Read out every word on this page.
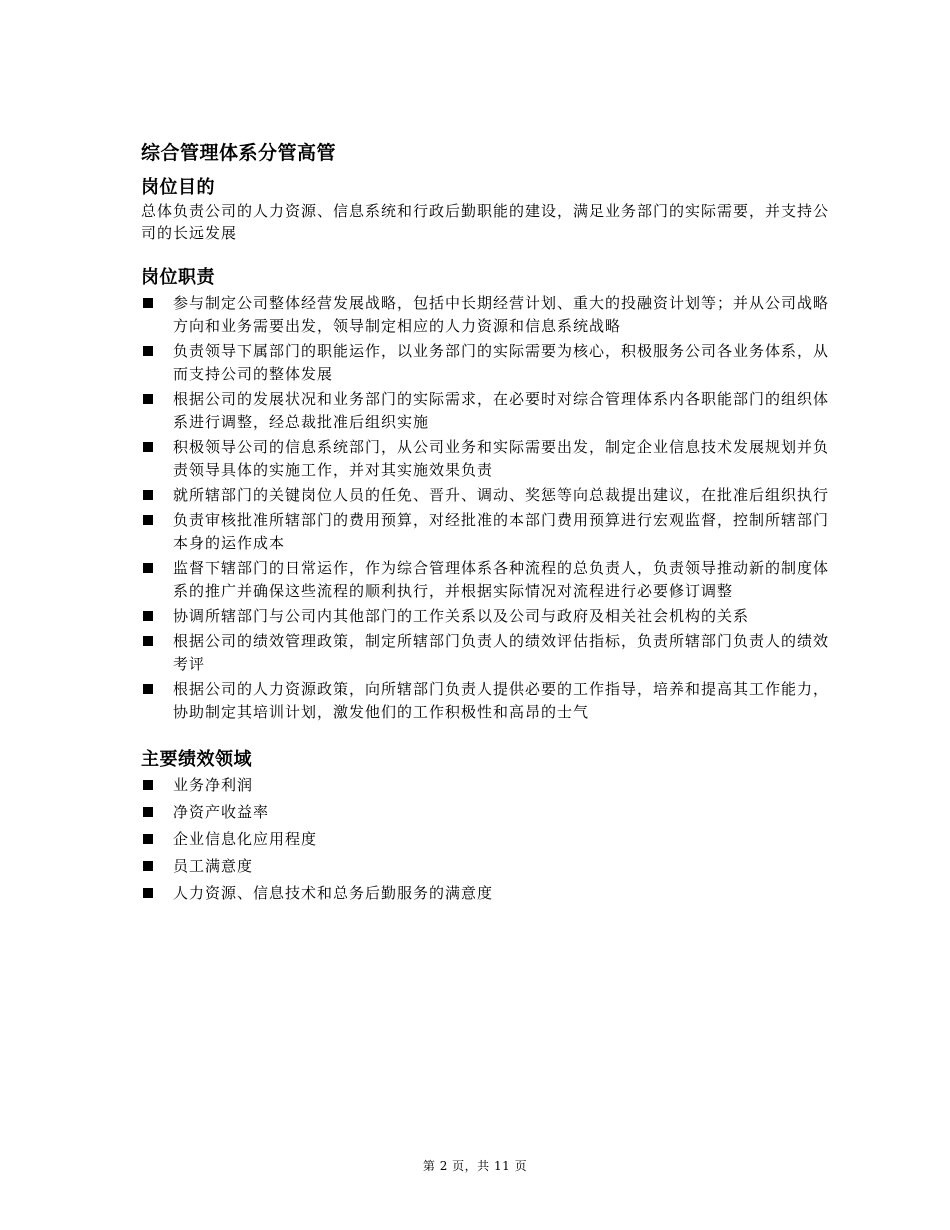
综合管理体系分管高管
岗位目的

总体负责公司的人力资源、信息系统和行政后勤职能的建设，满足业务部门的实际需要，并支持公司的长远发展

岗位职责
参与制定公司整体经营发展战略，包括中长期经营计划、重大的投融资计划等；并从公司战略方向和业务需要出发，领导制定相应的人力资源和信息系统战略
负责领导下属部门的职能运作，以业务部门的实际需要为核心，积极服务公司各业务体系，从而支持公司的整体发展
根据公司的发展状况和业务部门的实际需求，在必要时对综合管理体系内各职能部门的组织体系进行调整，经总裁批准后组织实施
积极领导公司的信息系统部门，从公司业务和实际需要出发，制定企业信息技术发展规划并负责领导具体的实施工作，并对其实施效果负责
就所辖部门的关键岗位人员的任免、晋升、调动、奖惩等向总裁提出建议，在批准后组织执行
负责审核批准所辖部门的费用预算，对经批准的本部门费用预算进行宏观监督，控制所辖部门本身的运作成本
监督下辖部门的日常运作，作为综合管理体系各种流程的总负责人，负责领导推动新的制度体系的推广并确保这些流程的顺利执行，并根据实际情况对流程进行必要修订调整
协调所辖部门与公司内其他部门的工作关系以及公司与政府及相关社会机构的关系
根据公司的绩效管理政策，制定所辖部门负责人的绩效评估指标，负责所辖部门负责人的绩效考评
根据公司的人力资源政策，向所辖部门负责人提供必要的工作指导，培养和提高其工作能力，协助制定其培训计划，激发他们的工作积极性和高昂的士气
主要绩效领域
业务净利润
净资产收益率
企业信息化应用程度
员工满意度
人力资源、信息技术和总务后勤服务的满意度
第 2 页，共 11 页
